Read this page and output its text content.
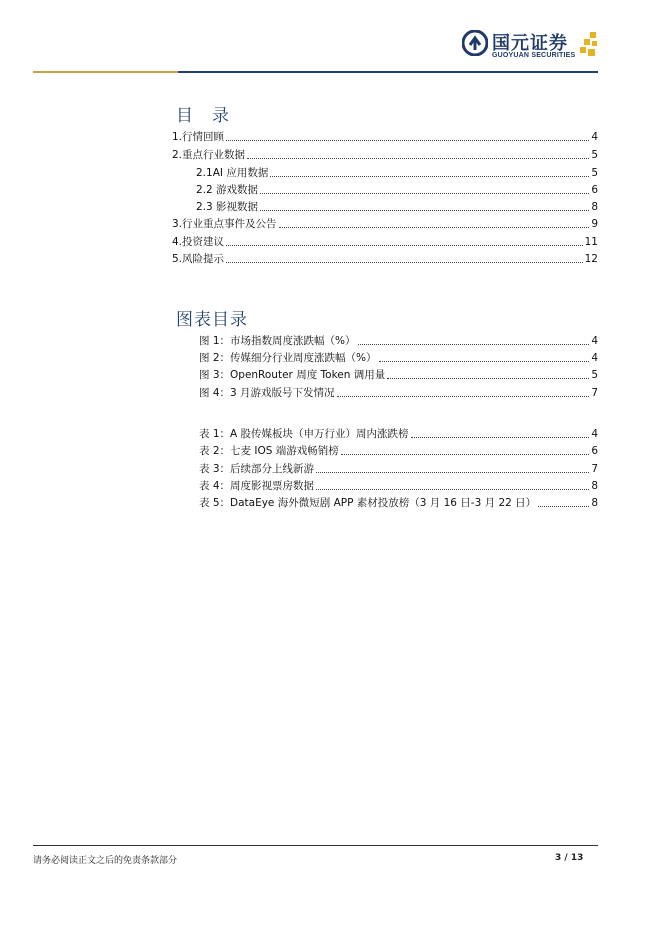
国元证券
GUOYUAN SECURITIES
目　录
1.行情回顾	4
2.重点行业数据	5
2.1AI 应用数据	5
2.2 游戏数据	6
2.3 影视数据	8
3.行业重点事件及公告	9
4.投资建议	11
5.风险提示	12
图表目录
图 1：市场指数周度涨跌幅（%）	4
图 2：传媒细分行业周度涨跌幅（%）	4
图 3：OpenRouter 周度 Token 调用量	5
图 4：3 月游戏版号下发情况	7
表 1：A 股传媒板块（申万行业）周内涨跌榜	4
表 2：七麦 IOS 端游戏畅销榜	6
表 3：后续部分上线新游	7
表 4：周度影视票房数据	8
表 5：DataEye 海外微短剧 APP 素材投放榜（3 月 16 日-3 月 22 日）	8
请务必阅读正文之后的免责条款部分	3 / 13
